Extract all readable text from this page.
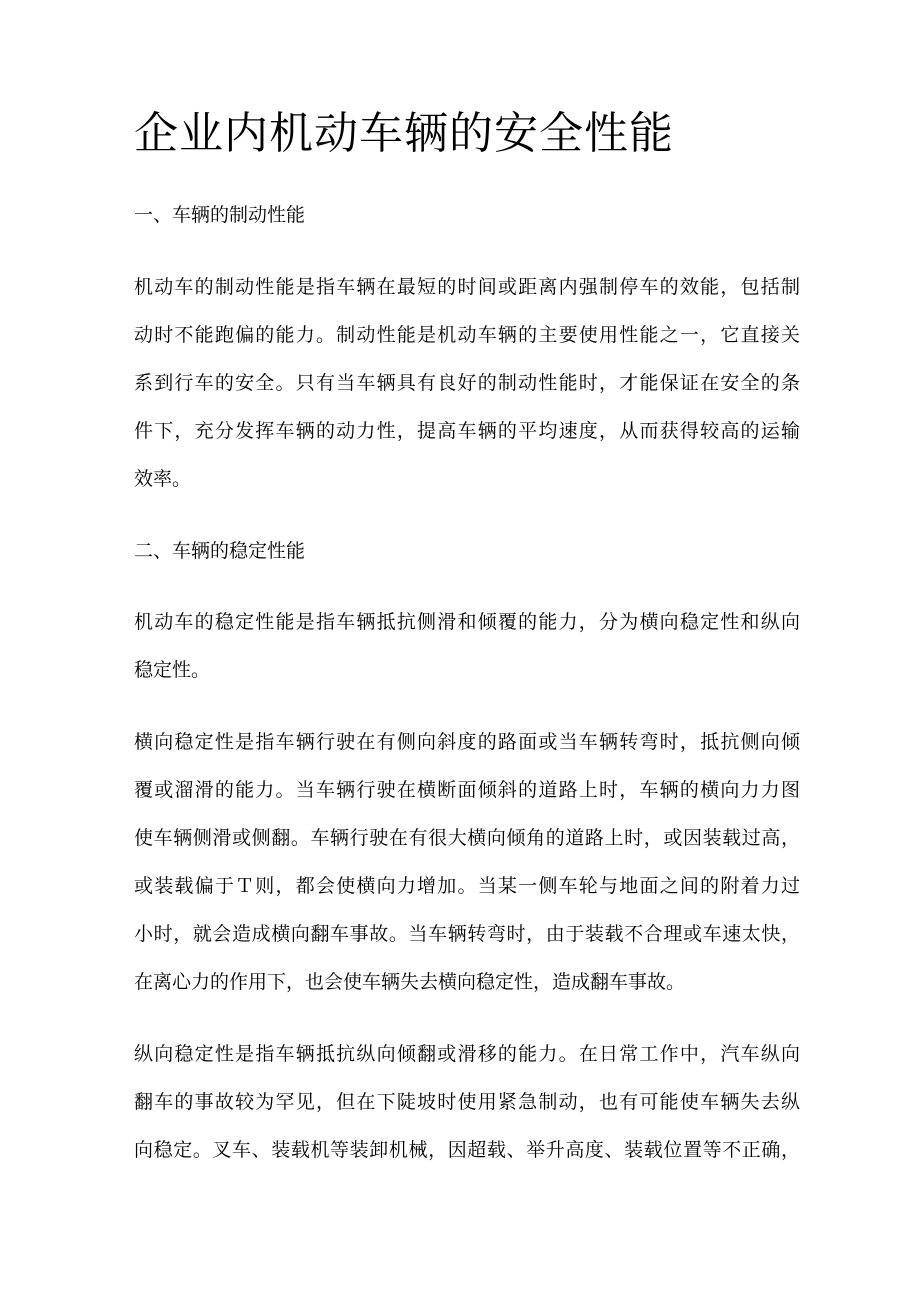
企业内机动车辆的安全性能
一、车辆的制动性能
机动车的制动性能是指车辆在最短的时间或距离内强制停车的效能，包括制
动时不能跑偏的能力。制动性能是机动车辆的主要使用性能之一，它直接关
系到行车的安全。只有当车辆具有良好的制动性能时，才能保证在安全的条
件下，充分发挥车辆的动力性，提高车辆的平均速度，从而获得较高的运输
效率。
二、车辆的稳定性能
机动车的稳定性能是指车辆抵抗侧滑和倾覆的能力，分为横向稳定性和纵向
稳定性。
横向稳定性是指车辆行驶在有侧向斜度的路面或当车辆转弯时，抵抗侧向倾
覆或溜滑的能力。当车辆行驶在横断面倾斜的道路上时，车辆的横向力力图
使车辆侧滑或侧翻。车辆行驶在有很大横向倾角的道路上时，或因装载过高，
或装载偏于Ｔ则，都会使横向力增加。当某一侧车轮与地面之间的附着力过
小时，就会造成横向翻车事故。当车辆转弯时，由于装载不合理或车速太快，
在离心力的作用下，也会使车辆失去横向稳定性，造成翻车事故。
纵向稳定性是指车辆抵抗纵向倾翻或滑移的能力。在日常工作中，汽车纵向
翻车的事故较为罕见，但在下陡坡时使用紧急制动，也有可能使车辆失去纵
向稳定。叉车、装载机等装卸机械，因超载、举升高度、装载位置等不正确，
